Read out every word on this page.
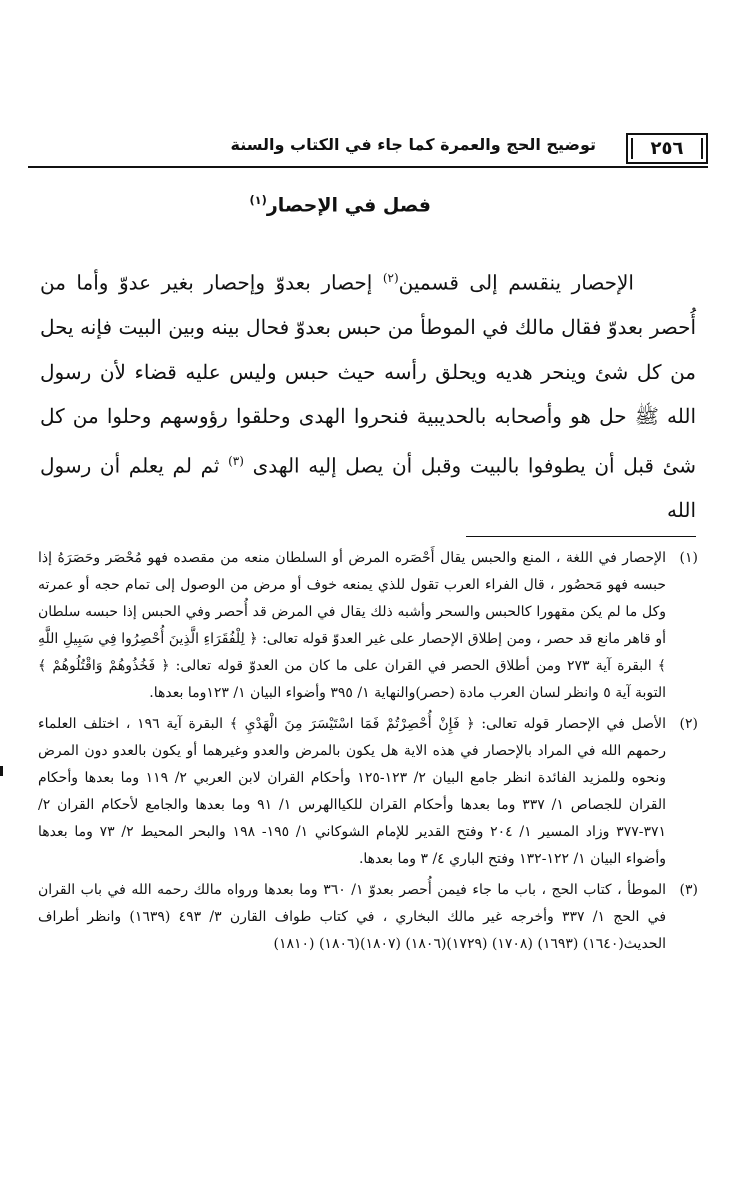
٢٥٦
توضيح الحج والعمرة كما جاء في الكتاب والسنة
فصل في الإحصار$^{(١)}$

الإحصار ينقسم إلى قسمين$^{(٢)}$ إحصار بعدوّ وإحصار بغير عدوّ وأما من أُحصر بعدوّ فقال مالك في الموطأ من حبس بعدوّ فحال بينه وبين البيت فإنه يحل من كل شئ وينحر هديه ويحلق رأسه حيث حبس وليس عليه قضاء لأن رسول الله ﷺ حل هو وأصحابه بالحديبية فنحروا الهدى وحلقوا رؤوسهم وحلوا من كل شئ قبل أن يطوفوا بالبيت وقبل أن يصل إليه الهدى $^{(٣)}$ ثم لم يعلم أن رسول الله

(١)
الإحصار في اللغة ، المنع والحبس يقال أَحْصَره المرض أو السلطان منعه من مقصده فهو مُحْصَر وحَصَرَهُ إذا حبسه فهو مَحصُور ، قال الفراء العرب تقول للذي يمنعه خوف أو مرض من الوصول إلى تمام حجه أو عمرته وكل ما لم يكن مقهورا كالحبس والسحر وأشبه ذلك يقال في المرض قد أُحصر وفي الحبس إذا حبسه سلطان أو قاهر مانع قد حصر ، ومن إطلاق الإحصار على غير العدوّ قوله تعالى: ﴿ لِلْفُقَرَاءِ الَّذِينَ أُحْصِرُوا فِي سَبِيلِ اللَّهِ ﴾ البقرة آية ٢٧٣ ومن أطلاق الحصر في القران على ما كان من العدوّ قوله تعالى: ﴿ فَخُذُوهُمْ وَاقْتُلُوهُمْ ﴾ التوبة آية ٥ وانظر لسان العرب مادة (حصر)والنهاية ١/ ٣٩٥ وأضواء البيان ١/ ١٢٣وما بعدها.
(٢)
الأصل في الإحصار قوله تعالى: ﴿ فَإِنْ أُحْصِرْتُمْ فَمَا اسْتَيْسَرَ مِنَ الْهَدْيِ ﴾ البقرة آية ١٩٦ ، اختلف العلماء رحمهم الله في المراد بالإحصار في هذه الاية هل يكون بالمرض والعدو وغيرهما أو يكون بالعدو دون المرض ونحوه وللمزيد الفائدة انظر جامع البيان ٢/ ١٢٣-١٢٥ وأحكام القران لابن العربي ٢/ ١١٩ وما بعدها وأحكام القران للجصاص ١/ ٣٣٧ وما بعدها وأحكام القران للكياالهرس ١/ ٩١ وما بعدها والجامع لأحكام القران ٢/ ٣٧١-٣٧٧ وزاد المسير ١/ ٢٠٤ وفتح القدير للإمام الشوكاني ١/ ١٩٥- ١٩٨ والبحر المحيط ٢/ ٧٣ وما بعدها وأضواء البيان ١/ ١٢٢-١٣٢ وفتح الباري ٤/ ٣ وما بعدها.
(٣)
الموطأ ، كتاب الحج ، باب ما جاء فيمن أُحصر بعدوّ ١/ ٣٦٠ وما بعدها ورواه مالك رحمه الله في باب القران في الحج ١/ ٣٣٧ وأخرجه غير مالك البخاري ، في كتاب طواف القارن ٣/ ٤٩٣ (١٦٣٩) وانظر أطراف الحديث(١٦٤٠) (١٦٩٣) (١٧٠٨) (١٧٢٩)(١٨٠٦) (١٨٠٧)(١٨٠٦) (١٨١٠)
